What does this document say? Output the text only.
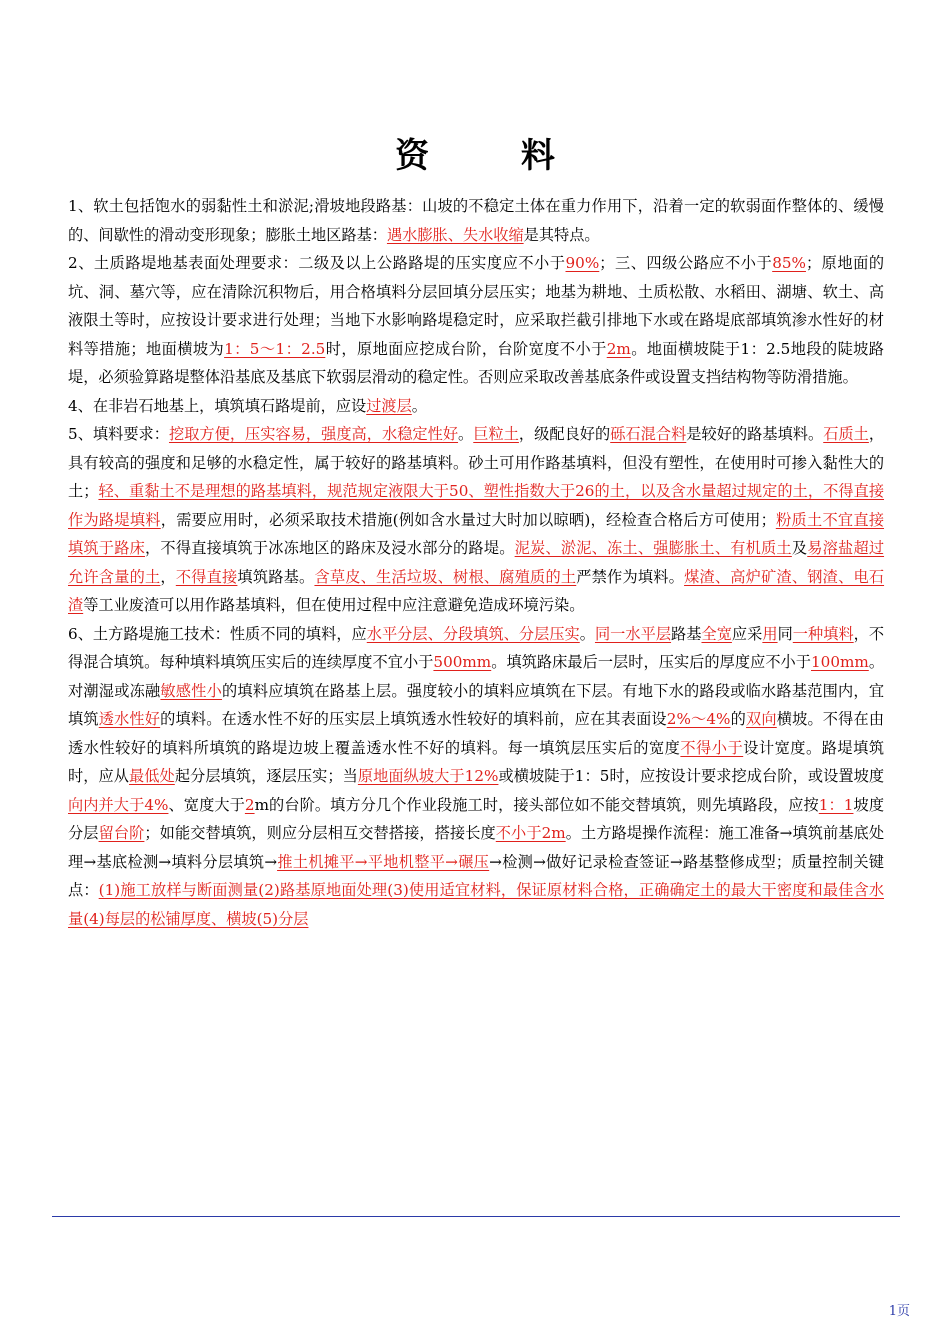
资 料

1、软土包括饱水的弱黏性土和淤泥;滑坡地段路基：山坡的不稳定土体在重力作用下，沿着一定的软弱面作整体的、缓慢的、间歇性的滑动变形现象；膨胀土地区路基：遇水膨胀、失水收缩是其特点。

2、土质路堤地基表面处理要求：二级及以上公路路堤的压实度应不小于90%；三、四级公路应不小于85%；原地面的坑、洞、墓穴等，应在清除沉积物后，用合格填料分层回填分层压实；地基为耕地、土质松散、水稻田、湖塘、软土、高液限土等时，应按设计要求进行处理；当地下水影响路堤稳定时，应采取拦截引排地下水或在路堤底部填筑渗水性好的材料等措施；地面横坡为1：5～1：2.5时，原地面应挖成台阶，台阶宽度不小于2m。地面横坡陡于1：2.5地段的陡坡路堤，必须验算路堤整体沿基底及基底下软弱层滑动的稳定性。否则应采取改善基底条件或设置支挡结构物等防滑措施。

4、在非岩石地基上，填筑填石路堤前，应设过渡层。

5、填料要求：挖取方便，压实容易，强度高，水稳定性好。巨粒土，级配良好的砾石混合料是较好的路基填料。石质土，具有较高的强度和足够的水稳定性，属于较好的路基填料。砂土可用作路基填料，但没有塑性，在使用时可掺入黏性大的土；轻、重黏土不是理想的路基填料，规范规定液限大于50、塑性指数大于26的土，以及含水量超过规定的土，不得直接作为路堤填料，需要应用时，必须采取技术措施(例如含水量过大时加以晾晒)，经检查合格后方可使用；粉质土不宜直接填筑于路床，不得直接填筑于冰冻地区的路床及浸水部分的路堤。泥炭、淤泥、冻土、强膨胀土、有机质土及易溶盐超过允许含量的土，不得直接填筑路基。含草皮、生活垃圾、树根、腐殖质的土严禁作为填料。煤渣、高炉矿渣、钢渣、电石渣等工业废渣可以用作路基填料，但在使用过程中应注意避免造成环境污染。

6、土方路堤施工技术：性质不同的填料，应水平分层、分段填筑、分层压实。同一水平层路基全宽应采用同一种填料，不得混合填筑。每种填料填筑压实后的连续厚度不宜小于500mm。填筑路床最后一层时，压实后的厚度应不小于100mm。对潮湿或冻融敏感性小的填料应填筑在路基上层。强度较小的填料应填筑在下层。有地下水的路段或临水路基范围内，宜填筑透水性好的填料。在透水性不好的压实层上填筑透水性较好的填料前，应在其表面设2%～4%的双向横坡。不得在由透水性较好的填料所填筑的路堤边坡上覆盖透水性不好的填料。每一填筑层压实后的宽度不得小于设计宽度。路堤填筑时，应从最低处起分层填筑，逐层压实；当原地面纵坡大于12%或横坡陡于1：5时，应按设计要求挖成台阶，或设置坡度向内并大于4%、宽度大于2m的台阶。填方分几个作业段施工时，接头部位如不能交替填筑，则先填路段，应按1：1坡度分层留台阶；如能交替填筑，则应分层相互交替搭接，搭接长度不小于2m。土方路堤操作流程：施工准备→填筑前基底处理→基底检测→填料分层填筑→推土机摊平→平地机整平→碾压→检测→做好记录检查签证→路基整修成型；质量控制关键点：(1)施工放样与断面测量(2)路基原地面处理(3)使用适宜材料，保证原材料合格，正确确定土的最大干密度和最佳含水量(4)每层的松铺厚度、横坡(5)分层

1页
